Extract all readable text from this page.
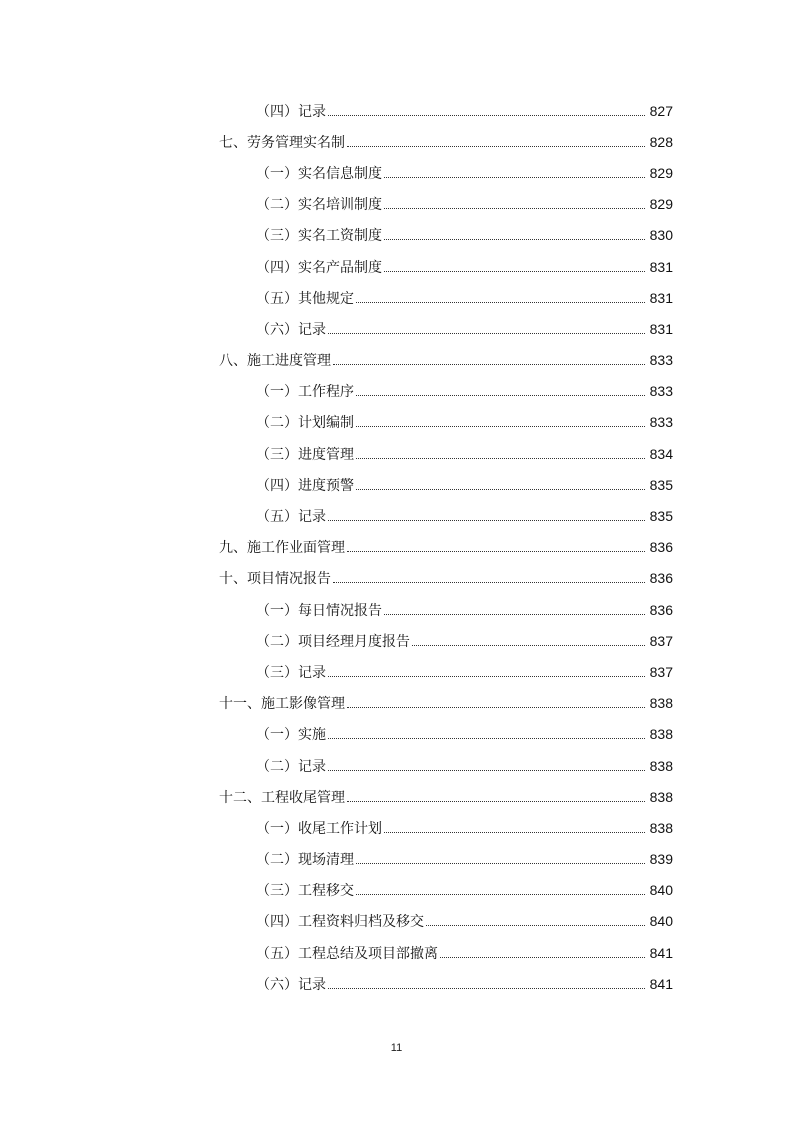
（四）记录	827
七、劳务管理实名制	828
（一）实名信息制度	829
（二）实名培训制度	829
（三）实名工资制度	830
（四）实名产品制度	831
（五）其他规定	831
（六）记录	831
八、施工进度管理	833
（一）工作程序	833
（二）计划编制	833
（三）进度管理	834
（四）进度预警	835
（五）记录	835
九、施工作业面管理	836
十、项目情况报告	836
（一）每日情况报告	836
（二）项目经理月度报告	837
（三）记录	837
十一、施工影像管理	838
（一）实施	838
（二）记录	838
十二、工程收尾管理	838
（一）收尾工作计划	838
（二）现场清理	839
（三）工程移交	840
（四）工程资料归档及移交	840
（五）工程总结及项目部撤离	841
（六）记录	841
11
